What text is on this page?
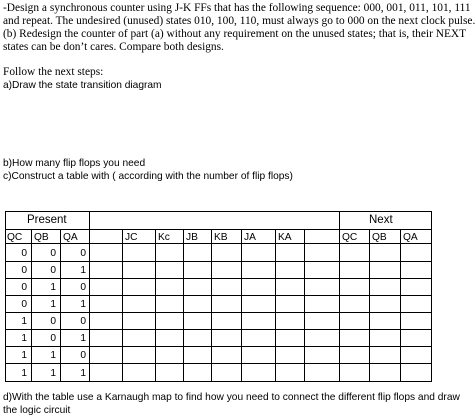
-Design a synchronous counter using J-K FFs that has the following sequence: 000, 001, 011, 101, 111
and repeat. The undesired (unused) states 010, 100, 110, must always go to 000 on the next clock pulse.
(b) Redesign the counter of part (a) without any requirement on the unused states; that is, their NEXT
states can be don’t cares. Compare both designs.
Follow the next steps:
a)Draw the state transition diagram
b)How many flip flops you need
c)Construct a table with ( according with the number of flip flops)
Present	Next
QC QB QA	JC Kc JB KB JA KA	QC QB QA
0	0	0
0	0	1
0	1	0
0	1	1
1	0	0
1	0	1
1	1	0
1	1	1
d)With the table use a Karnaugh map to find how you need to connect the different flip flops and draw
the logic circuit
